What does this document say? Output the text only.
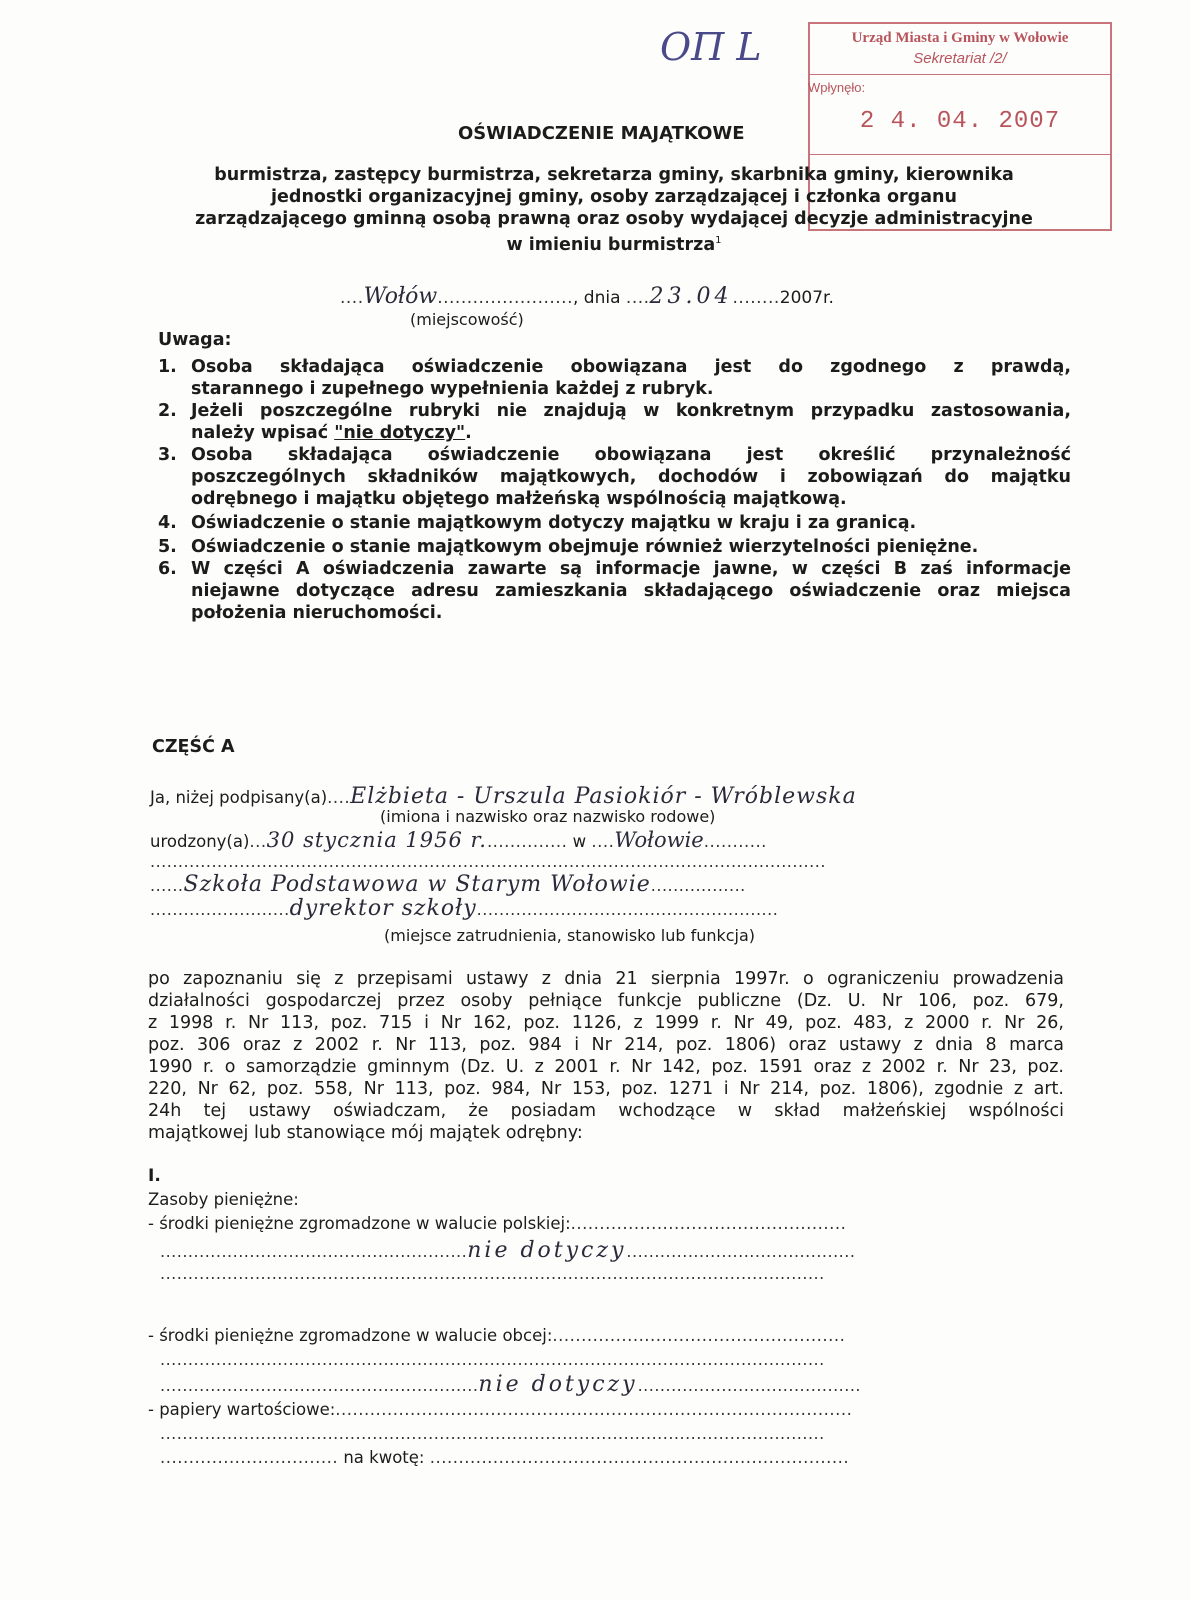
Urząd Miasta i Gminy w Wołowie
Sekretariat /2/
Wpłynęło:
2 4. 04. 2007
ОП L
OŚWIADCZENIE MAJĄTKOWE
burmistrza, zastępcy burmistrza, sekretarza gminy, skarbnika gminy, kierownika
jednostki organizacyjnej gminy, osoby zarządzającej i członka organu
zarządzającego gminną osobą prawną oraz osoby wydającej decyzje administracyjne
w imieniu burmistrza$^1$
....Wołów......................., dnia ....23.04........2007r.
(miejscowość)
Uwaga:
1. Osoba składająca oświadczenie obowiązana jest do zgodnego z prawdą,
starannego i zupełnego wypełnienia każdej z rubryk.
2. Jeżeli poszczególne rubryki nie znajdują w konkretnym przypadku zastosowania,
należy wpisać "nie dotyczy".
3. Osoba składająca oświadczenie obowiązana jest określić przynależność
poszczególnych składników majątkowych, dochodów i zobowiązań do majątku
odrębnego i majątku objętego małżeńską wspólnością majątkową.
4. Oświadczenie o stanie majątkowym dotyczy majątku w kraju i za granicą.
5. Oświadczenie o stanie majątkowym obejmuje również wierzytelności pieniężne.
6. W części A oświadczenia zawarte są informacje jawne, w części B zaś informacje
niejawne dotyczące adresu zamieszkania składającego oświadczenie oraz miejsca
położenia nieruchomości.
CZĘŚĆ A
Ja, niżej podpisany(a)....Elżbieta - Urszula Pasiokiór - Wróblewska
(imiona i nazwisko oraz nazwisko rodowe)
urodzony(a)...30 stycznia 1956 r............... w ....Wołowie...........
.........................................................................................................................
......Szkoła Podstawowa w Starym Wołowie.................
.........................dyrektor szkoły......................................................
(miejsce zatrudnienia, stanowisko lub funkcja)
po zapoznaniu się z przepisami ustawy z dnia 21 sierpnia 1997r. o ograniczeniu prowadzenia
działalności gospodarczej przez osoby pełniące funkcje publiczne (Dz. U. Nr 106, poz. 679,
z 1998 r. Nr 113, poz. 715 i Nr 162, poz. 1126, z 1999 r. Nr 49, poz. 483, z 2000 r. Nr 26,
poz. 306 oraz z 2002 r. Nr 113, poz. 984 i Nr 214, poz. 1806) oraz ustawy z dnia 8 marca
1990 r. o samorządzie gminnym (Dz. U. z 2001 r. Nr 142, poz. 1591 oraz z 2002 r. Nr 23, poz.
220, Nr 62, poz. 558, Nr 113, poz. 984, Nr 153, poz. 1271 i Nr 214, poz. 1806), zgodnie z art.
24h tej ustawy oświadczam, że posiadam wchodzące w skład małżeńskiej wspólności
majątkowej lub stanowiące mój majątek odrębny:
I.
Zasoby pieniężne:
- środki pieniężne zgromadzone w walucie polskiej:................................................
.......................................................nie dotyczy.........................................
.......................................................................................................................
- środki pieniężne zgromadzone w walucie obcej:...................................................
.......................................................................................................................
.........................................................nie dotyczy........................................
- papiery wartościowe:..........................................................................................
.......................................................................................................................
............................... na kwotę: .........................................................................
